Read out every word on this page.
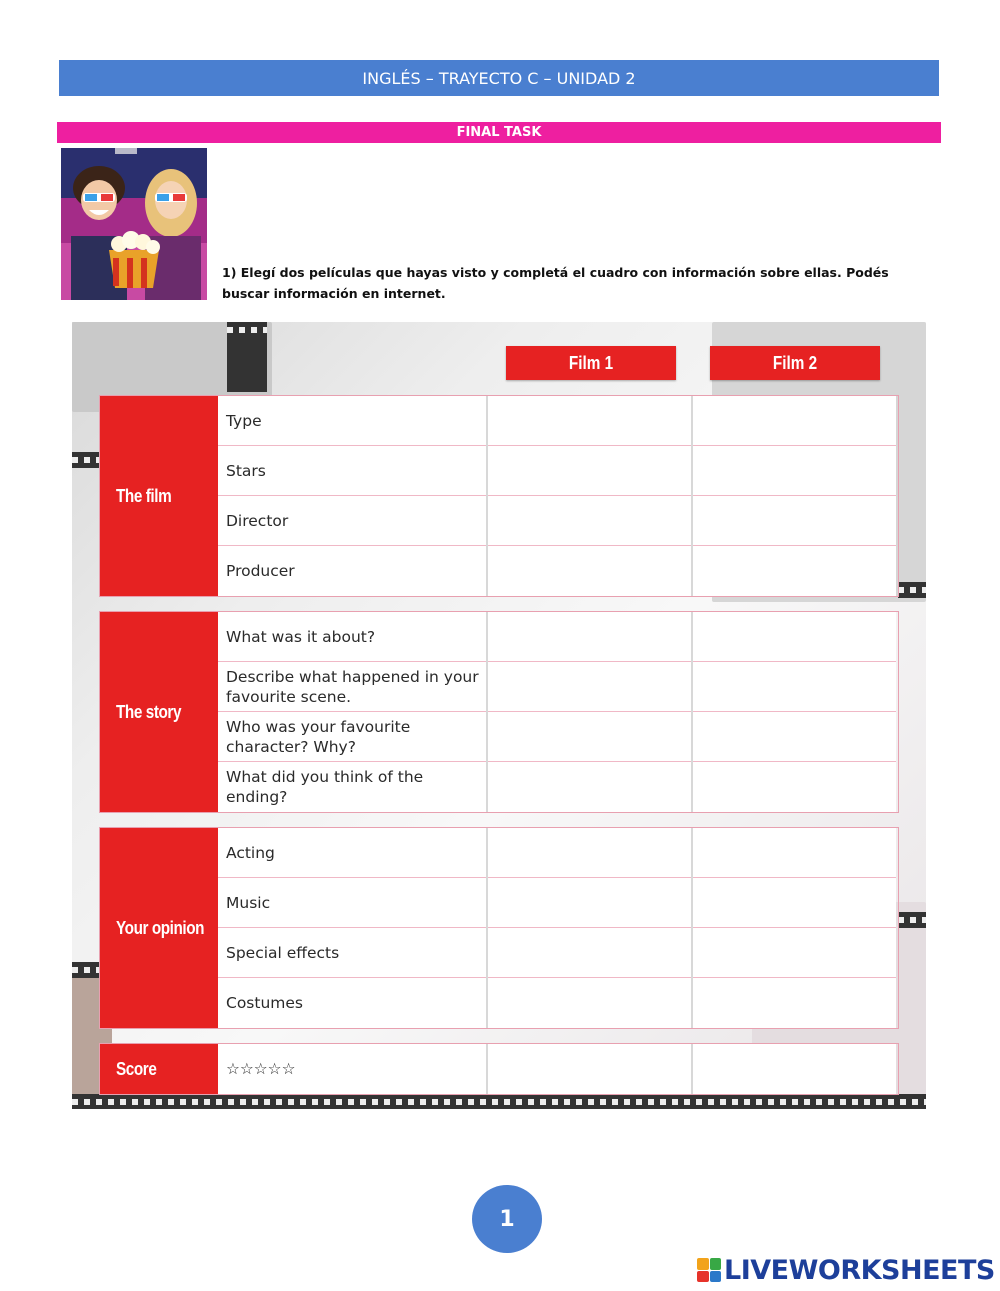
INGLÉS – TRAYECTO C – UNIDAD 2
FINAL TASK

1) Elegí dos películas que hayas visto y completá el cuadro con información sobre ellas. Podés buscar información en internet.

Film 1	Film 2
The film
Type
Stars
Director
Producer
The story
What was it about?
Describe what happened in your favourite scene.
Who was your favourite character? Why?
What did you think of the ending?
Your opinion
Acting
Music
Special effects
Costumes
Score	☆☆☆☆☆
1
LIVEWORKSHEETS
